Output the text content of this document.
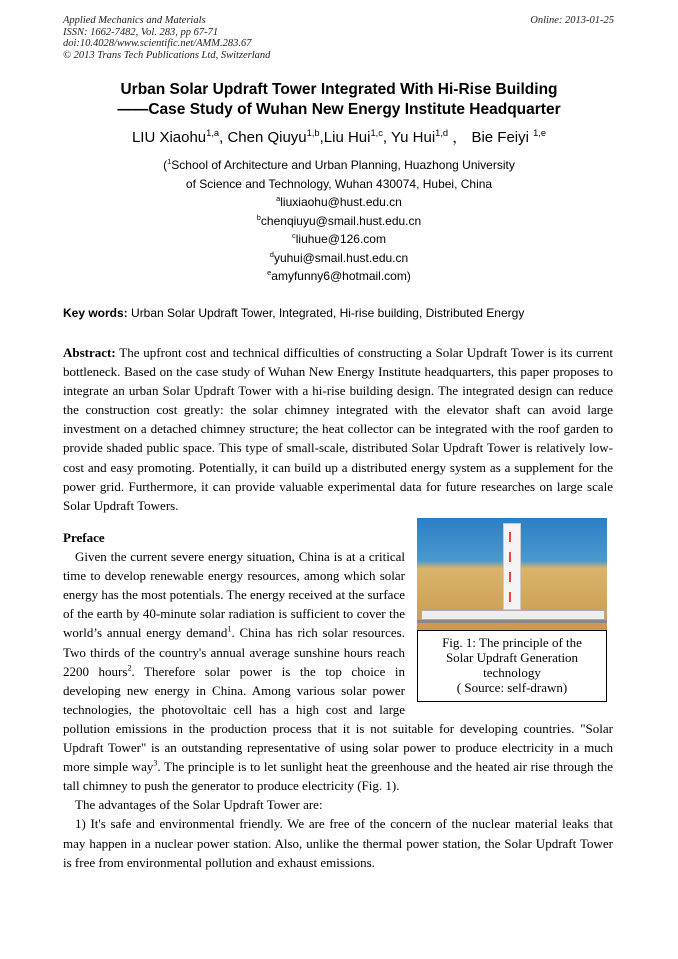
Applied Mechanics and Materials
ISSN: 1662-7482, Vol. 283, pp 67-71
doi:10.4028/www.scientific.net/AMM.283.67
© 2013 Trans Tech Publications Ltd, Switzerland
Online: 2013-01-25
Urban Solar Updraft Tower Integrated With Hi-Rise Building
——Case Study of Wuhan New Energy Institute Headquarter
LIU Xiaohu$^{1,a}$, Chen Qiuyu$^{1,b}$,Liu Hui$^{1,c}$, Yu Hui$^{1,d}$ ， Bie Feiyi $^{1,e}$
($^1$School of Architecture and Urban Planning, Huazhong University
of Science and Technology, Wuhan 430074, Hubei, China
$^a$liuxiaohu@hust.edu.cn
$^b$chenqiuyu@smail.hust.edu.cn
$^c$liuhue@126.com
$^d$yuhui@smail.hust.edu.cn
$^e$amyfunny6@hotmail.com)
Key words: Urban Solar Updraft Tower, Integrated, Hi-rise building, Distributed Energy
Abstract: The upfront cost and technical difficulties of constructing a Solar Updraft Tower is its current bottleneck. Based on the case study of Wuhan New Energy Institute headquarters, this paper proposes to integrate an urban Solar Updraft Tower with a hi-rise building design. The integrated design can reduce the construction cost greatly: the solar chimney integrated with the elevator shaft can avoid large investment on a detached chimney structure; the heat collector can be integrated with the roof garden to provide shaded public space. This type of small-scale, distributed Solar Updraft Tower is relatively low-cost and easy promoting. Potentially, it can build up a distributed energy system as a supplement for the power grid. Furthermore, it can provide valuable experimental data for future researches on large scale Solar Updraft Towers.
Fig. 1: The principle of the
Solar Updraft Generation
technology
( Source: self-drawn)
Preface

Given the current severe energy situation, China is at a critical time to develop renewable energy resources, among which solar energy has the most potentials. The energy received at the surface of the earth by 40-minute solar radiation is sufficient to cover the world’s annual energy demand$^1$. China has rich solar resources. Two thirds of the country's annual average sunshine hours reach 2200 hours$^2$. Therefore solar power is the top choice in developing new energy in China. Among various solar power technologies, the photovoltaic cell has a high cost and large pollution emissions in the production process that it is not suitable for developing countries. "Solar Updraft Tower" is an outstanding representative of using solar power to produce electricity in a much more simple way$^3$. The principle is to let sunlight heat the greenhouse and the heated air rise through the tall chimney to push the generator to produce electricity (Fig. 1).

The advantages of the Solar Updraft Tower are:

1) It's safe and environmental friendly. We are free of the concern of the nuclear material leaks that may happen in a nuclear power station. Also, unlike the thermal power station, the Solar Updraft Tower is free from environmental pollution and exhaust emissions.
